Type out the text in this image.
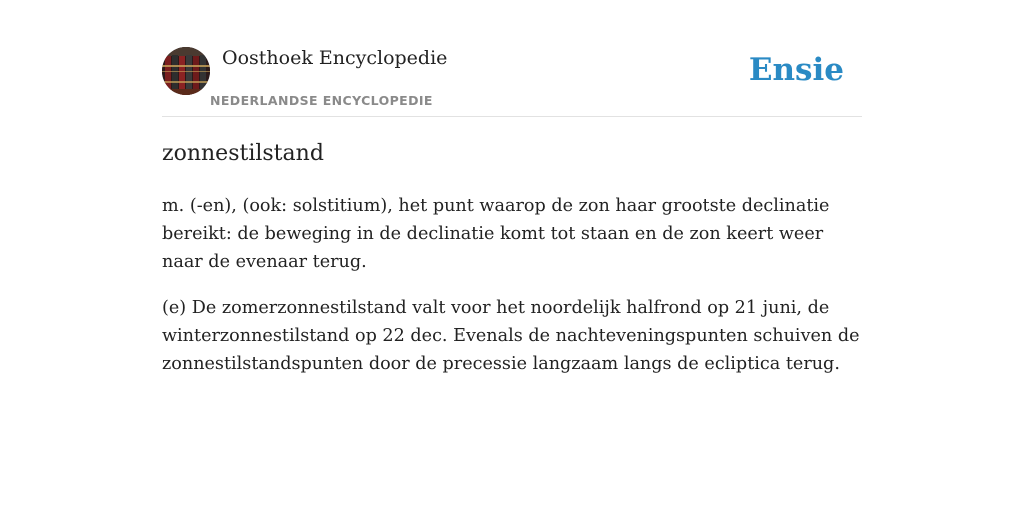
Oosthoek Encyclopedie
NEDERLANDSE ENCYCLOPEDIE
Ensie
zonnestilstand

m. (-en), (ook: solstitium), het punt waarop de zon haar grootste declinatie bereikt: de beweging in de declinatie komt tot staan en de zon keert weer naar de evenaar terug.

(e) De zomerzonnestilstand valt voor het noordelijk halfrond op 21 juni, de winterzonnestilstand op 22 dec. Evenals de nachteveningspunten schuiven de zonnestilstandspunten door de precessie langzaam langs de ecliptica terug.
